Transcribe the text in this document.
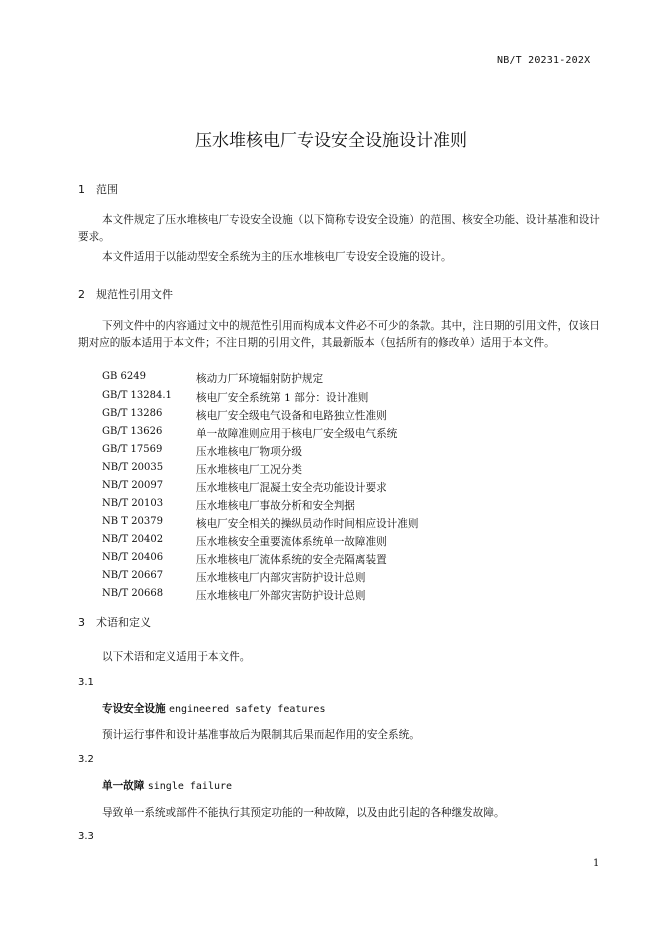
NB/T 20231-202X
压水堆核电厂专设安全设施设计准则
1 范围
本文件规定了压水堆核电厂专设安全设施（以下简称专设安全设施）的范围、核安全功能、设计基准和设计要求。
本文件适用于以能动型安全系统为主的压水堆核电厂专设安全设施的设计。
2 规范性引用文件
下列文件中的内容通过文中的规范性引用而构成本文件必不可少的条款。其中，注日期的引用文件，仅该日期对应的版本适用于本文件；不注日期的引用文件，其最新版本（包括所有的修改单）适用于本文件。
GB 6249	核动力厂环境辐射防护规定
GB/T 13284.1 核电厂安全系统第 1 部分：设计准则
GB/T 13286	核电厂安全级电气设备和电路独立性准则
GB/T 13626	单一故障准则应用于核电厂安全级电气系统
GB/T 17569	压水堆核电厂物项分级
NB/T 20035	压水堆核电厂工况分类
NB/T 20097	压水堆核电厂混凝土安全壳功能设计要求
NB/T 20103	压水堆核电厂事故分析和安全判据
NB T 20379	核电厂安全相关的操纵员动作时间相应设计准则
NB/T 20402	压水堆核安全重要流体系统单一故障准则
NB/T 20406	压水堆核电厂流体系统的安全壳隔离装置
NB/T 20667	压水堆核电厂内部灾害防护设计总则
NB/T 20668	压水堆核电厂外部灾害防护设计总则
3 术语和定义
以下术语和定义适用于本文件。
3.1
专设安全设施 engineered safety features
预计运行事件和设计基准事故后为限制其后果而起作用的安全系统。
3.2
单一故障 single failure
导致单一系统或部件不能执行其预定功能的一种故障，以及由此引起的各种继发故障。
3.3
1
